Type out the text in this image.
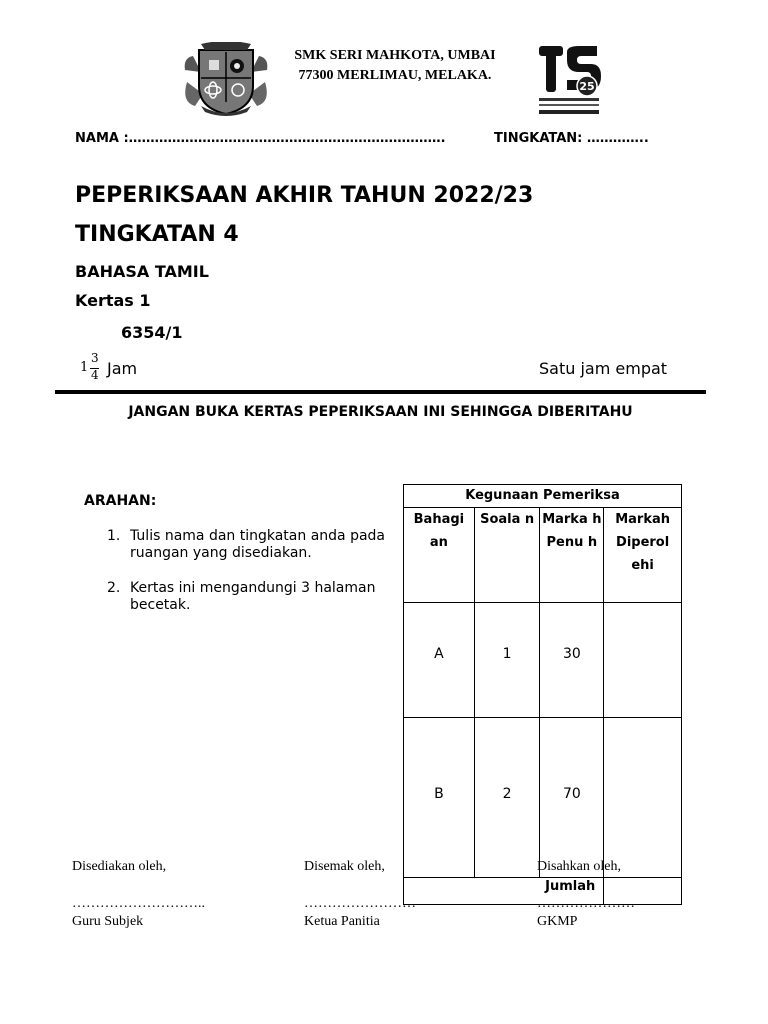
SMK SERI MAHKOTA, UMBAI
77300 MERLIMAU, MELAKA.
25
NAMA :……………………………………………………………….	TINGKATAN: …………..
PEPERIKSAAN AKHIR TAHUN 2022/23
TINGKATAN 4
BAHASA TAMIL
Kertas 1
6354/1
1
3
4 Jam	Satu jam empat
JANGAN BUKA KERTAS PEPERIKSAAN INI SEHINGGA DIBERITAHU
ARAHAN:
1. Tulis nama dan tingkatan anda pada ruangan yang disediakan.
2. Kertas ini mengandungi 3 halaman becetak.
Kegunaan Pemeriksa			
Bahagi an	Soala n	Marka h Penu h	Markah Diperol ehi
A	1	30	
B	2	70	
Jumlah			
Disediakan oleh,	Disemak oleh,	Disahkan oleh,
………………………..	……………………	…………………
Guru Subjek	Ketua Panitia	GKMP
